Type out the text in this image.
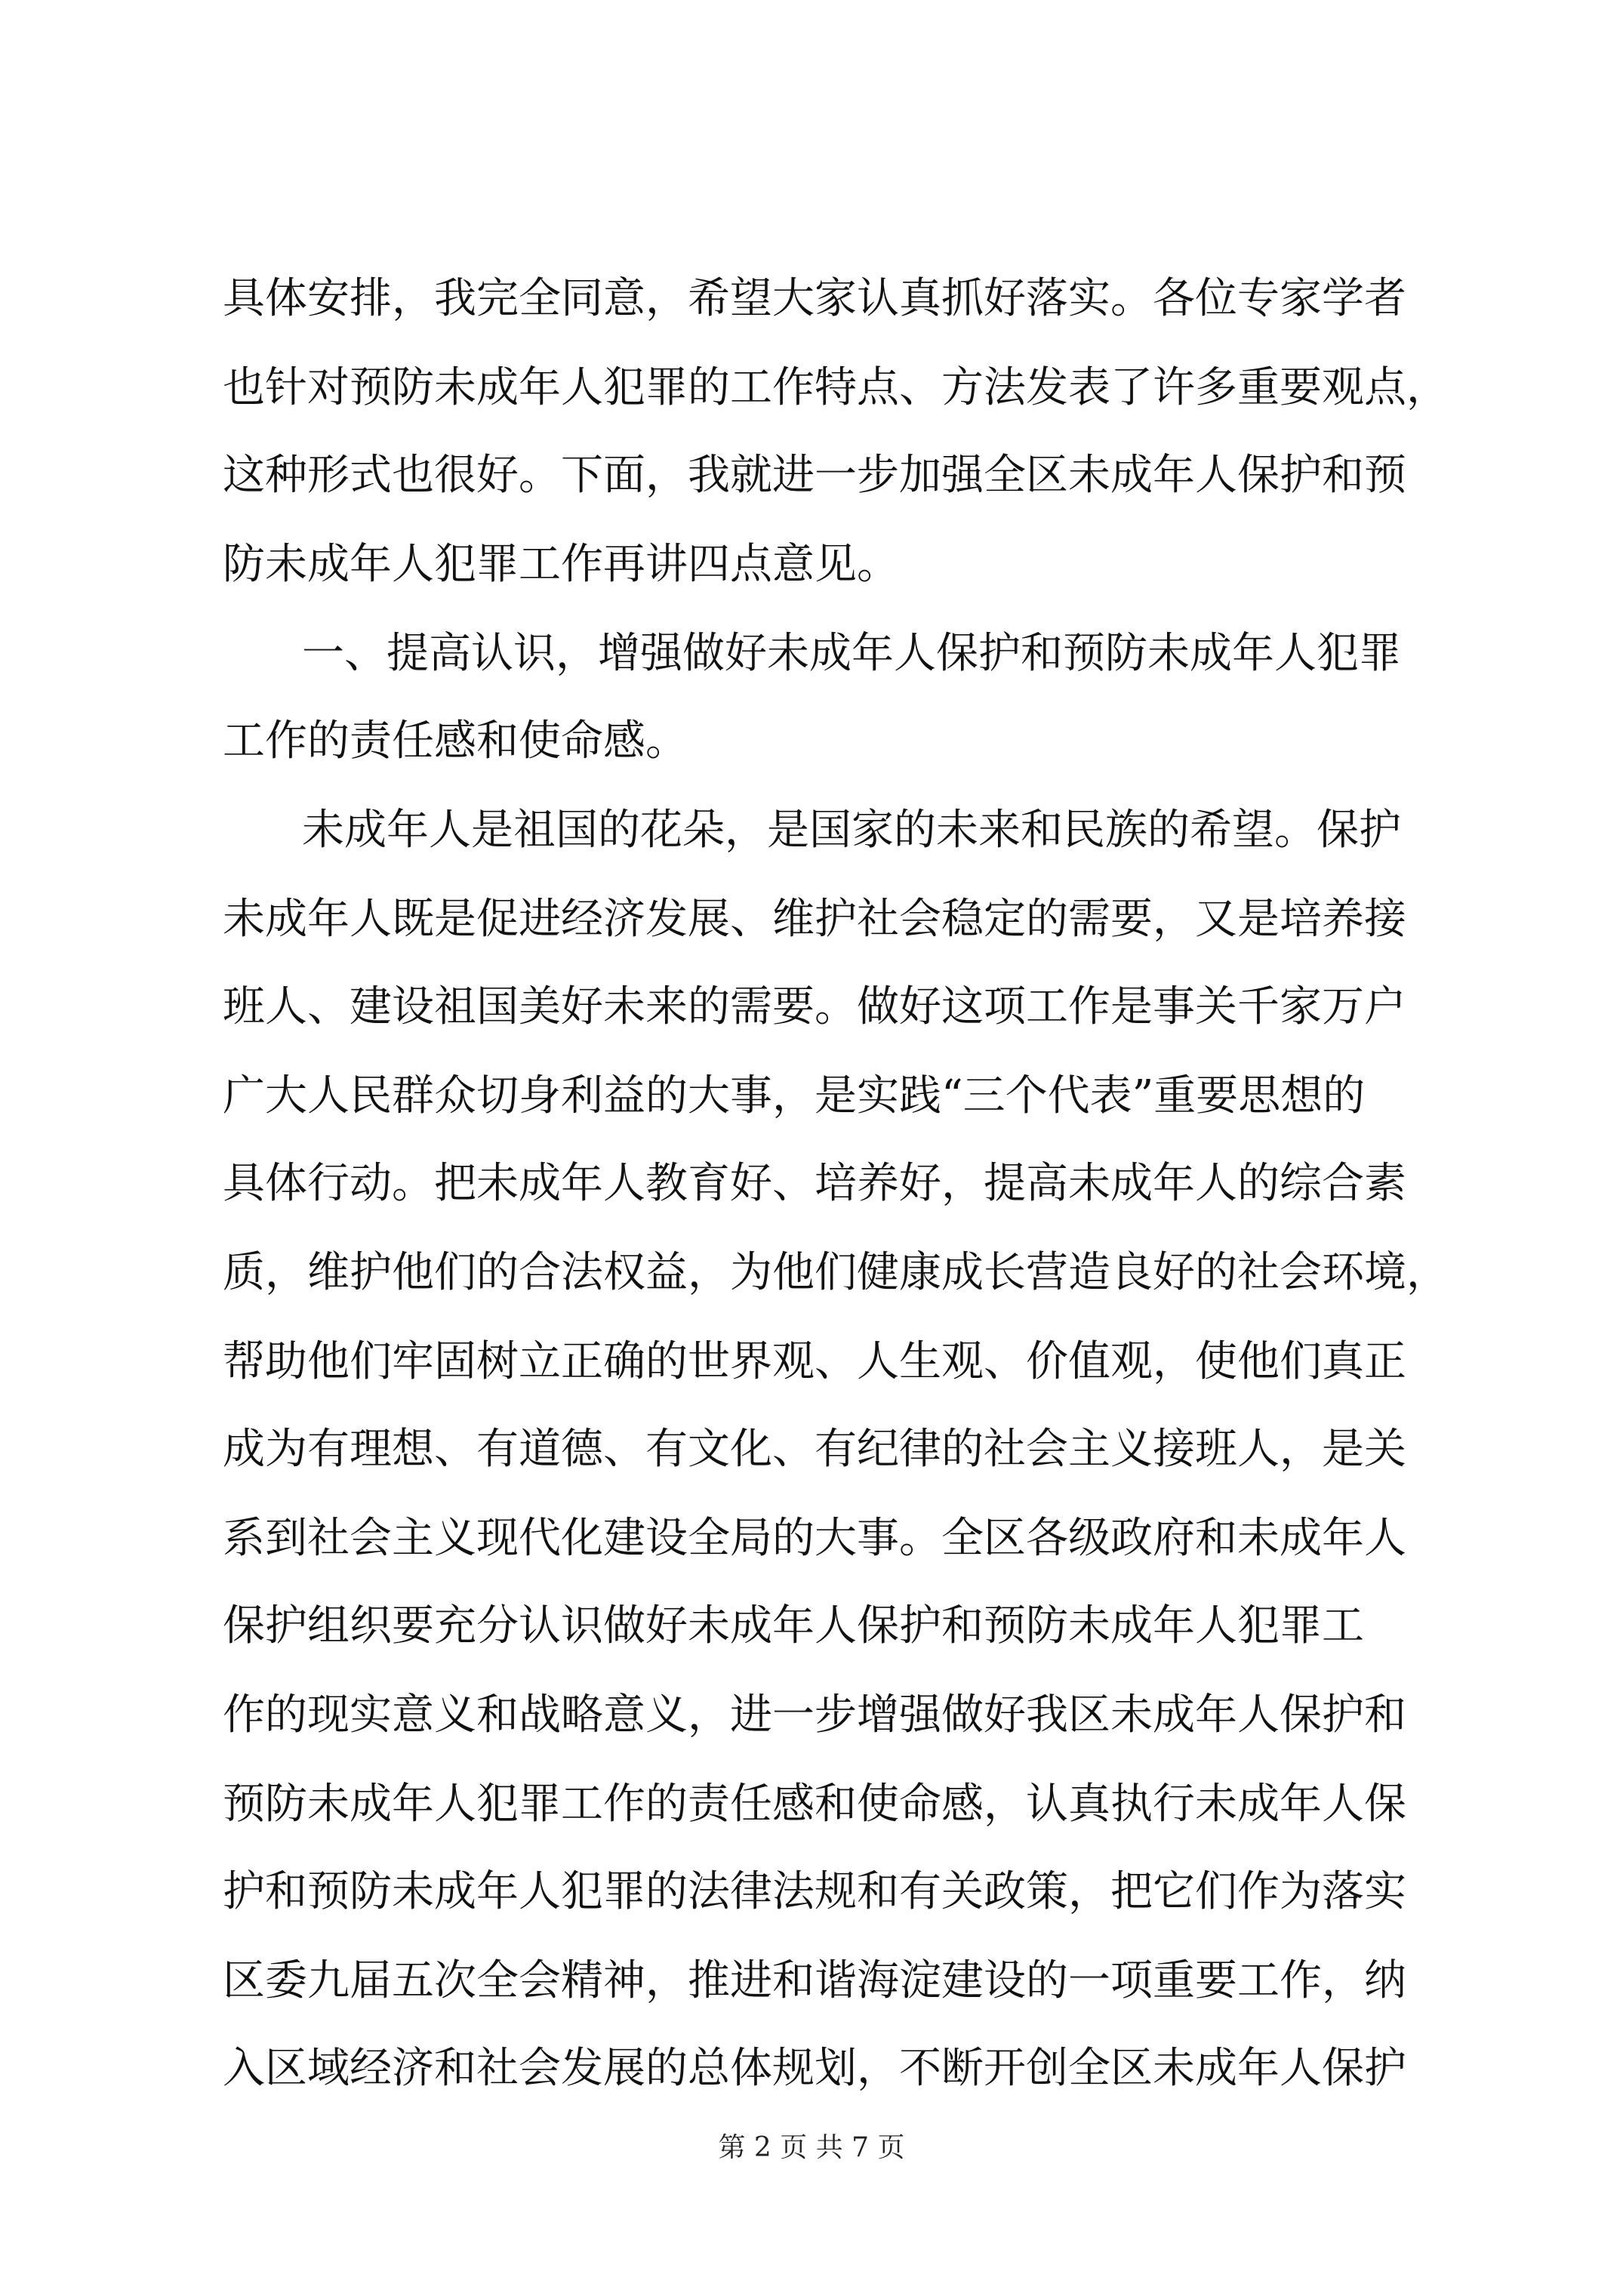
具体安排，我完全同意，希望大家认真抓好落实。各位专家学者
也针对预防未成年人犯罪的工作特点、方法发表了许多重要观点，
这种形式也很好。下面，我就进一步加强全区未成年人保护和预
防未成年人犯罪工作再讲四点意见。
一、提高认识，增强做好未成年人保护和预防未成年人犯罪
工作的责任感和使命感。
未成年人是祖国的花朵，是国家的未来和民族的希望。保护
未成年人既是促进经济发展、维护社会稳定的需要，又是培养接
班人、建设祖国美好未来的需要。做好这项工作是事关千家万户
广大人民群众切身利益的大事，是实践“三个代表”重要思想的
具体行动。把未成年人教育好、培养好，提高未成年人的综合素
质，维护他们的合法权益，为他们健康成长营造良好的社会环境，
帮助他们牢固树立正确的世界观、人生观、价值观，使他们真正
成为有理想、有道德、有文化、有纪律的社会主义接班人，是关
系到社会主义现代化建设全局的大事。全区各级政府和未成年人
保护组织要充分认识做好未成年人保护和预防未成年人犯罪工
作的现实意义和战略意义，进一步增强做好我区未成年人保护和
预防未成年人犯罪工作的责任感和使命感，认真执行未成年人保
护和预防未成年人犯罪的法律法规和有关政策，把它们作为落实
区委九届五次全会精神，推进和谐海淀建设的一项重要工作，纳
入区域经济和社会发展的总体规划，不断开创全区未成年人保护
第 2 页 共 7 页
